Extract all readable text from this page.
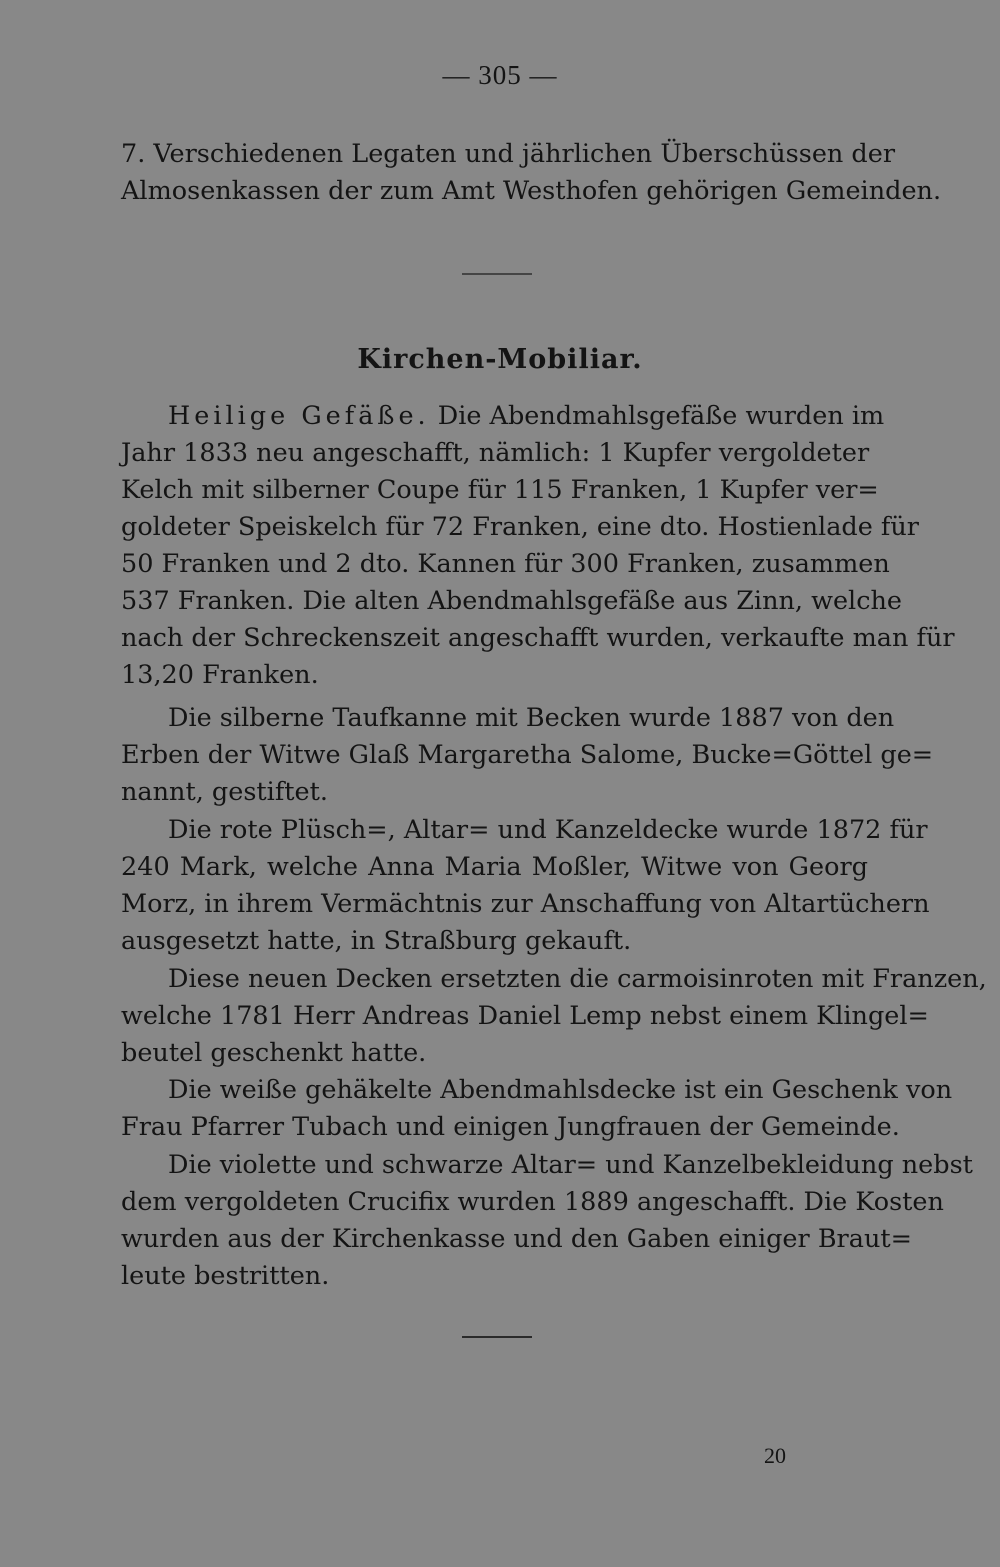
— 305 —
7. Verschiedenen Legaten und jährlichen Überschüssen der
Almosenkassen der zum Amt Westhofen gehörigen Gemeinden.
Kirchen-Mobiliar.
Heilige Gefäße. Die Abendmahlsgefäße wurden im
Jahr 1833 neu angeschafft, nämlich: 1 Kupfer vergoldeter
Kelch mit silberner Coupe für 115 Franken, 1 Kupfer ver=
goldeter Speiskelch für 72 Franken, eine dto. Hostienlade für
50 Franken und 2 dto. Kannen für 300 Franken, zusammen
537 Franken. Die alten Abendmahlsgefäße aus Zinn, welche
nach der Schreckenszeit angeschafft wurden, verkaufte man für
13,20 Franken.
Die silberne Taufkanne mit Becken wurde 1887 von den
Erben der Witwe Glaß Margaretha Salome, Bucke=Göttel ge=
nannt, gestiftet.
Die rote Plüsch=, Altar= und Kanzeldecke wurde 1872 für
240 Mark, welche Anna Maria Moßler, Witwe von Georg
Morz, in ihrem Vermächtnis zur Anschaffung von Altartüchern
ausgesetzt hatte, in Straßburg gekauft.
Diese neuen Decken ersetzten die carmoisinroten mit Franzen,
welche 1781 Herr Andreas Daniel Lemp nebst einem Klingel=
beutel geschenkt hatte.
Die weiße gehäkelte Abendmahlsdecke ist ein Geschenk von
Frau Pfarrer Tubach und einigen Jungfrauen der Gemeinde.
Die violette und schwarze Altar= und Kanzelbekleidung nebst
dem vergoldeten Crucifix wurden 1889 angeschafft. Die Kosten
wurden aus der Kirchenkasse und den Gaben einiger Braut=
leute bestritten.
20
